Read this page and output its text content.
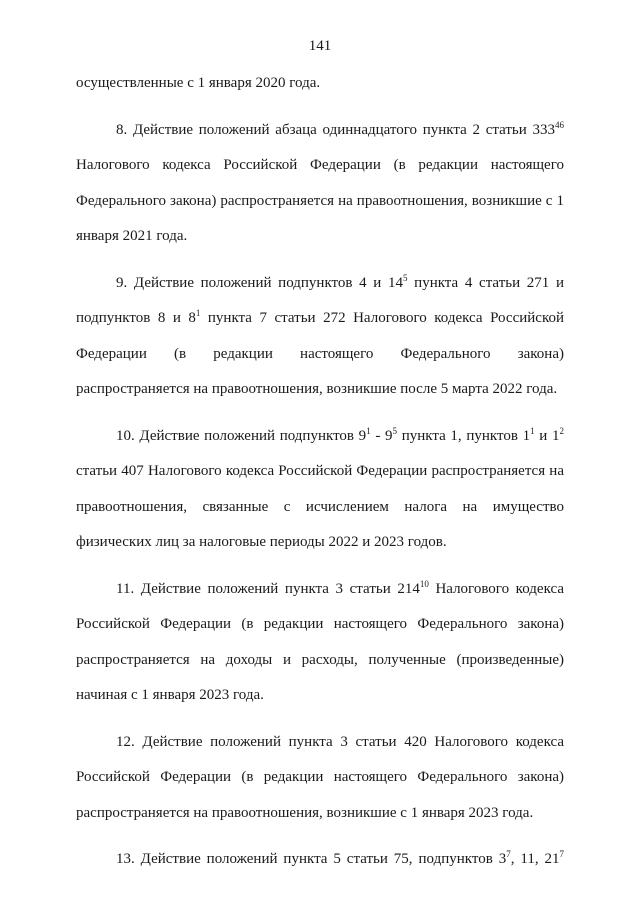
141

осуществленные с 1 января 2020 года.

8. Действие положений абзаца одиннадцатого пункта 2 статьи $333^{46}$ Налогового кодекса Российской Федерации (в редакции настоящего Федерального закона) распространяется на правоотношения, возникшие с 1 января 2021 года.

9. Действие положений подпунктов 4 и $14^5$ пункта 4 статьи 271 и подпунктов 8 и $8^1$ пункта 7 статьи 272 Налогового кодекса Российской Федерации (в редакции настоящего Федерального закона) распространяется на правоотношения, возникшие после 5 марта 2022 года.

10. Действие положений подпунктов $9^1 - 9^5$ пункта 1, пунктов $1^1$ и $1^2$ статьи 407 Налогового кодекса Российской Федерации распространяется на правоотношения, связанные с исчислением налога на имущество физических лиц за налоговые периоды 2022 и 2023 годов.

11. Действие положений пункта 3 статьи $214^{10}$ Налогового кодекса Российской Федерации (в редакции настоящего Федерального закона) распространяется на доходы и расходы, полученные (произведенные) начиная с 1 января 2023 года.

12. Действие положений пункта 3 статьи 420 Налогового кодекса Российской Федерации (в редакции настоящего Федерального закона) распространяется на правоотношения, возникшие с 1 января 2023 года.

13. Действие положений пункта 5 статьи 75, подпунктов $3^7$, 11, $21^7$
